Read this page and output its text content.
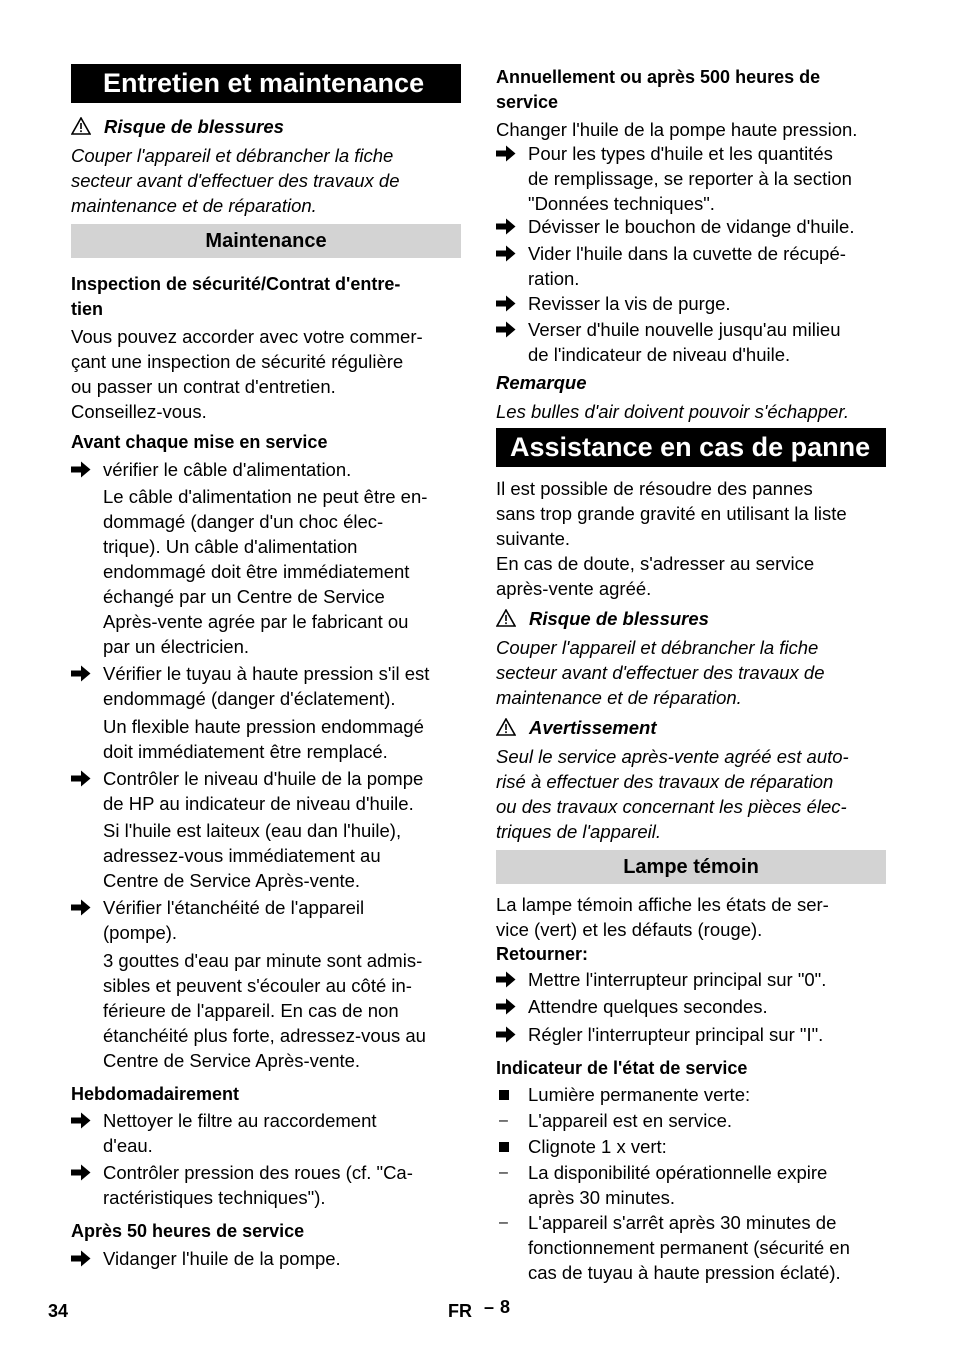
Entretien et maintenance
Risque de blessures
Couper l'appareil et débrancher la fiche
secteur avant d'effectuer des travaux de
maintenance et de réparation.
Maintenance
Inspection de sécurité/Contrat d'entre-
tien
Vous pouvez accorder avec votre commer-
çant une inspection de sécurité régulière
ou passer un contrat d'entretien.
Conseillez-vous.
Avant chaque mise en service
vérifier le câble d'alimentation.
Le câble d'alimentation ne peut être en-
dommagé (danger d'un choc élec-
trique). Un câble d'alimentation
endommagé doit être immédiatement
échangé par un Centre de Service
Après-vente agrée par le fabricant ou
par un électricien.
Vérifier le tuyau à haute pression s'il est
endommagé (danger d'éclatement).
Un flexible haute pression endommagé
doit immédiatement être remplacé.
Contrôler le niveau d'huile de la pompe
de HP au indicateur de niveau d'huile.
Si l'huile est laiteux (eau dan l'huile),
adressez-vous immédiatement au
Centre de Service Après-vente.
Vérifier l'étanchéité de l'appareil
(pompe).
3 gouttes d'eau par minute sont admis-
sibles et peuvent s'écouler au côté in-
férieure de l'appareil. En cas de non
étanchéité plus forte, adressez-vous au
Centre de Service Après-vente.
Hebdomadairement
Nettoyer le filtre au raccordement
d'eau.
Contrôler pression des roues (cf. "Ca-
ractéristiques techniques").
Après 50 heures de service
Vidanger l'huile de la pompe.
Annuellement ou après 500 heures de
service
Changer l'huile de la pompe haute pression.
Pour les types d'huile et les quantités
de remplissage, se reporter à la section
"Données techniques".
Dévisser le bouchon de vidange d'huile.
Vider l'huile dans la cuvette de récupé-
ration.
Revisser la vis de purge.
Verser d'huile nouvelle jusqu'au milieu
de l'indicateur de niveau d'huile.
Remarque
Les bulles d'air doivent pouvoir s'échapper.
Assistance en cas de panne
Il est possible de résoudre des pannes
sans trop grande gravité en utilisant la liste
suivante.
En cas de doute, s'adresser au service
après-vente agréé.
Risque de blessures
Couper l'appareil et débrancher la fiche
secteur avant d'effectuer des travaux de
maintenance et de réparation.
Avertissement
Seul le service après-vente agréé est auto-
risé à effectuer des travaux de réparation
ou des travaux concernant les pièces élec-
triques de l'appareil.
Lampe témoin
La lampe témoin affiche les états de ser-
vice (vert) et les défauts (rouge).
Retourner:
Mettre l'interrupteur principal sur "0".
Attendre quelques secondes.
Régler l'interrupteur principal sur "I".
Indicateur de l'état de service
Lumière permanente verte:
– L'appareil est en service.
Clignote 1 x vert:
– La disponibilité opérationnelle expire
après 30 minutes.
– L'appareil s'arrêt après 30 minutes de
fonctionnement permanent (sécurité en
cas de tuyau à haute pression éclaté).
34	FR – 8
